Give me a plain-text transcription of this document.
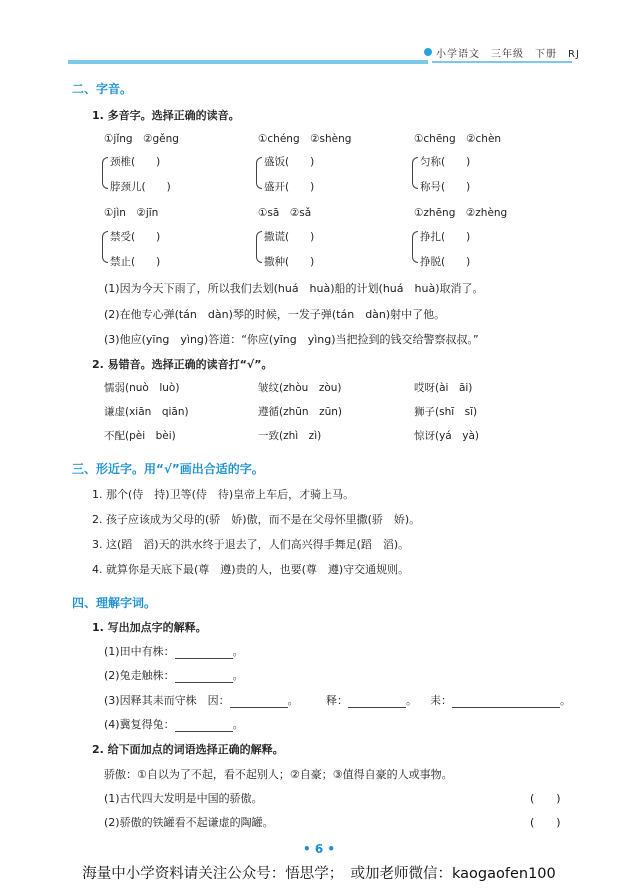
小学语文　三年级　下册　RJ
二、字音。
1. 多音字。选择正确的读音。
①jǐng　②gěng
颈椎(　　)
脖颈儿(　　)
①chéng　②shèng
盛饭(　　)
盛开(　　)
①chēng　②chèn
匀称(　　)
称号(　　)
①jìn　②jīn
禁受(　　)
禁止(　　)
①sā　②sǎ
撒谎(　　)
撒种(　　)
①zhēng　②zhèng
挣扎(　　)
挣脱(　　)
(1)因为今天下雨了，所以我们去划(huá　huà)船的计划(huá　huà)取消了。
(2)在他专心弹(tán　dàn)琴的时候，一发子弹(tán　dàn)射中了他。
(3)他应(yīng　yìng)答道：“你应(yīng　yìng)当把捡到的钱交给警察叔叔。”
2. 易错音。选择正确的读音打“√”。
懦弱(nuò　luò)	皱纹(zhòu　zòu)	哎呀(ài　āi)
谦虚(xiān　qiān)	遵循(zhūn　zūn)	狮子(shī　sī)
不配(pèi　bèi)	一致(zhì　zì)	惊讶(yá　yà)
三、形近字。用“√”画出合适的字。
1. 那个(侍　持)卫等(侍　待)皇帝上车后，才骑上马。
2. 孩子应该成为父母的(骄　娇)傲，而不是在父母怀里撒(骄　娇)。
3. 这(蹈　滔)天的洪水终于退去了，人们高兴得手舞足(蹈　滔)。
4. 就算你是天底下最(尊　遵)贵的人，也要(尊　遵)守交通规则。
四、理解字词。
1. 写出加点字的解释。
(1)田中有株：	。
(2)兔走触株：	。
(3)因释其耒而守株　因：	。 释：	。 耒：	。
(4)冀复得兔：	。
2. 给下面加点的词语选择正确的解释。
骄傲：①自以为了不起，看不起别人；②自豪；③值得自豪的人或事物。
(1)古代四大发明是中国的骄傲。	(　　)
(2)骄傲的铁罐看不起谦虚的陶罐。	(　　)
• 6 •
海量中小学资料请关注公众号：悟思学；　或加老师微信：kaogaofen100
